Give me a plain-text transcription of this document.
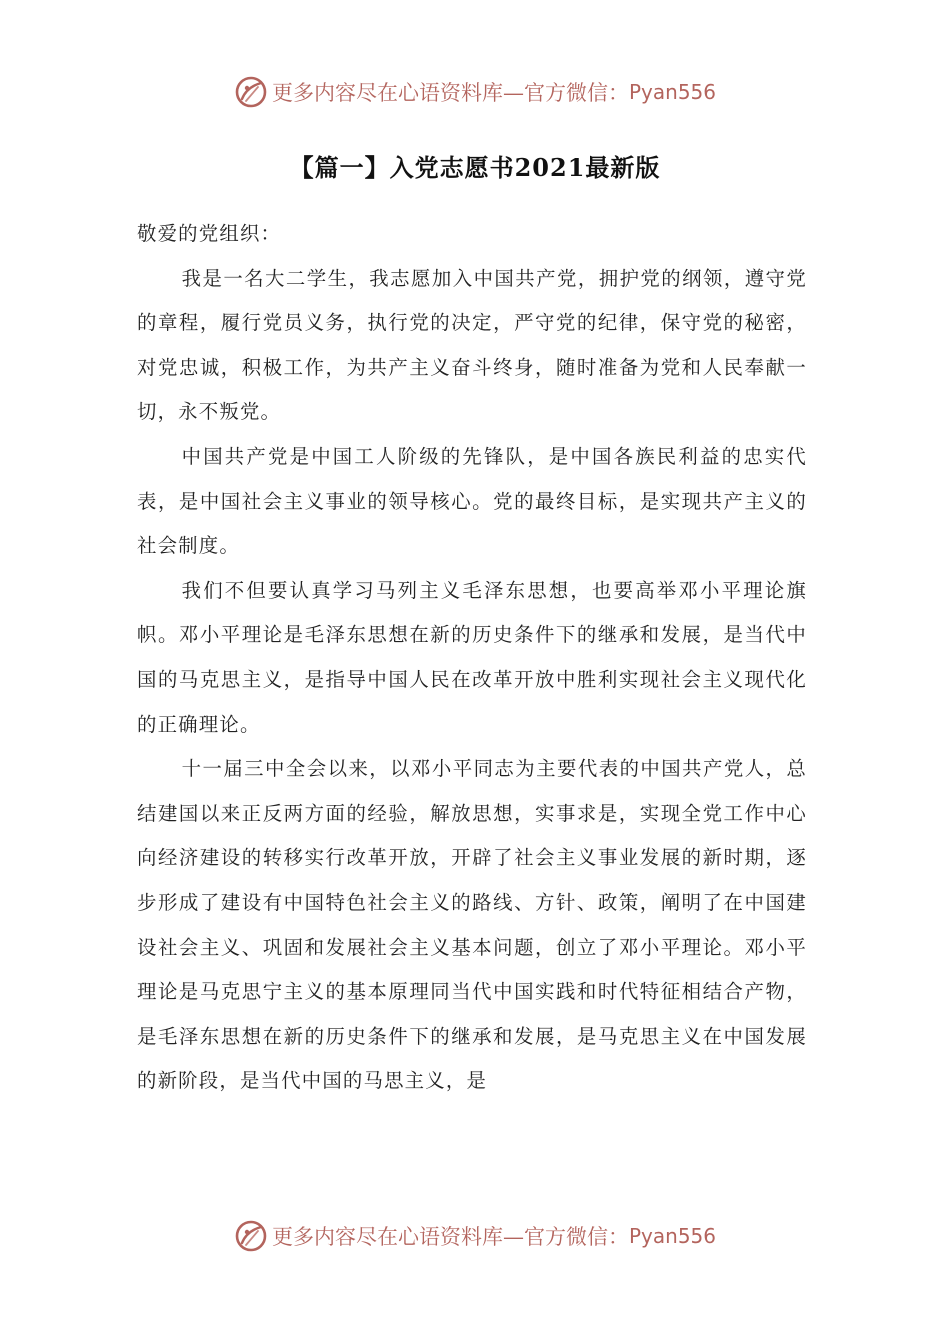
更多内容尽在心语资料库—官方微信： Pyan556
【篇一】入党志愿书2021最新版

敬爱的党组织：

我是一名大二学生，我志愿加入中国共产党，拥护党的纲领，遵守党的章程，履行党员义务，执行党的决定，严守党的纪律，保守党的秘密，对党忠诚，积极工作，为共产主义奋斗终身，随时准备为党和人民奉献一切，永不叛党。

中国共产党是中国工人阶级的先锋队，是中国各族民利益的忠实代表，是中国社会主义事业的领导核心。党的最终目标，是实现共产主义的社会制度。

我们不但要认真学习马列主义毛泽东思想，也要高举邓小平理论旗帜。邓小平理论是毛泽东思想在新的历史条件下的继承和发展，是当代中国的马克思主义，是指导中国人民在改革开放中胜利实现社会主义现代化的正确理论。

十一届三中全会以来，以邓小平同志为主要代表的中国共产党人，总结建国以来正反两方面的经验，解放思想，实事求是，实现全党工作中心向经济建设的转移实行改革开放，开辟了社会主义事业发展的新时期，逐步形成了建设有中国特色社会主义的路线、方针、政策，阐明了在中国建设社会主义、巩固和发展社会主义基本问题，创立了邓小平理论。邓小平理论是马克思宁主义的基本原理同当代中国实践和时代特征相结合产物，是毛泽东思想在新的历史条件下的继承和发展，是马克思主义在中国发展的新阶段，是当代中国的马思主义，是

更多内容尽在心语资料库—官方微信： Pyan556
